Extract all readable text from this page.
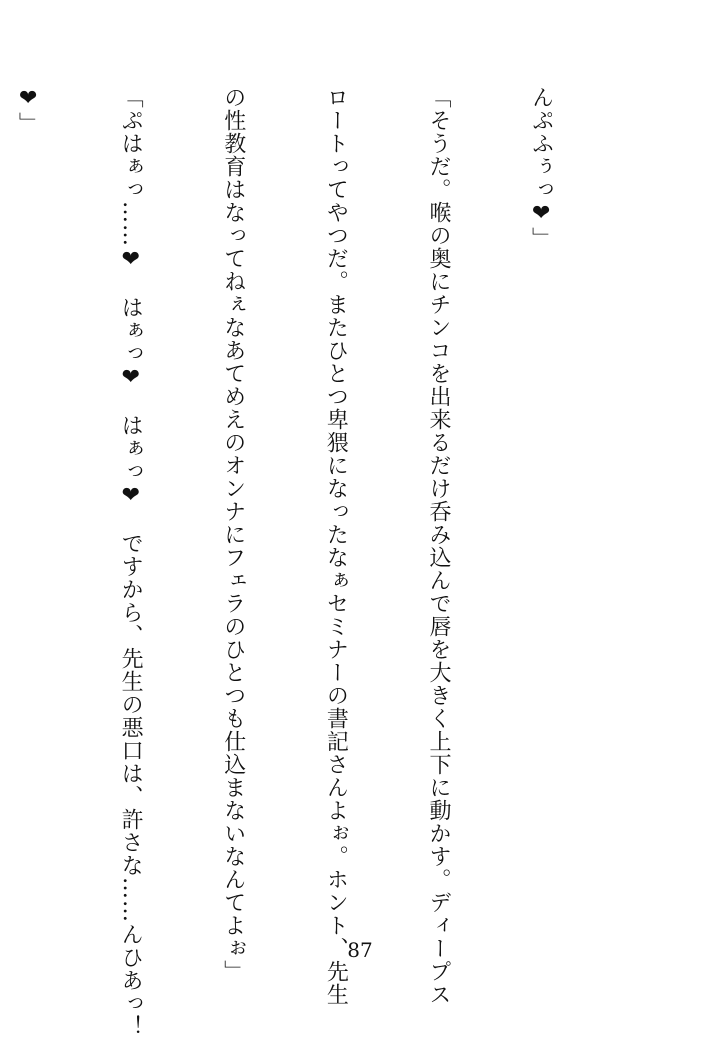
んぷふぅっ❤」

「そうだ。喉の奥にチンコを出来るだけ呑み込んで唇を大きく上下に動かす。ディープス

ロートってやつだ。またひとつ卑猥になったなぁセミナーの書記さんよぉ。ホント、先生

の性教育はなってねぇなあてめえのオンナにフェラのひとつも仕込まないなんてよぉ」

「ぷはぁっ……❤　はぁっ❤　はぁっ❤　ですから、先生の悪口は、許さな……んひあっ！

❤」

87
